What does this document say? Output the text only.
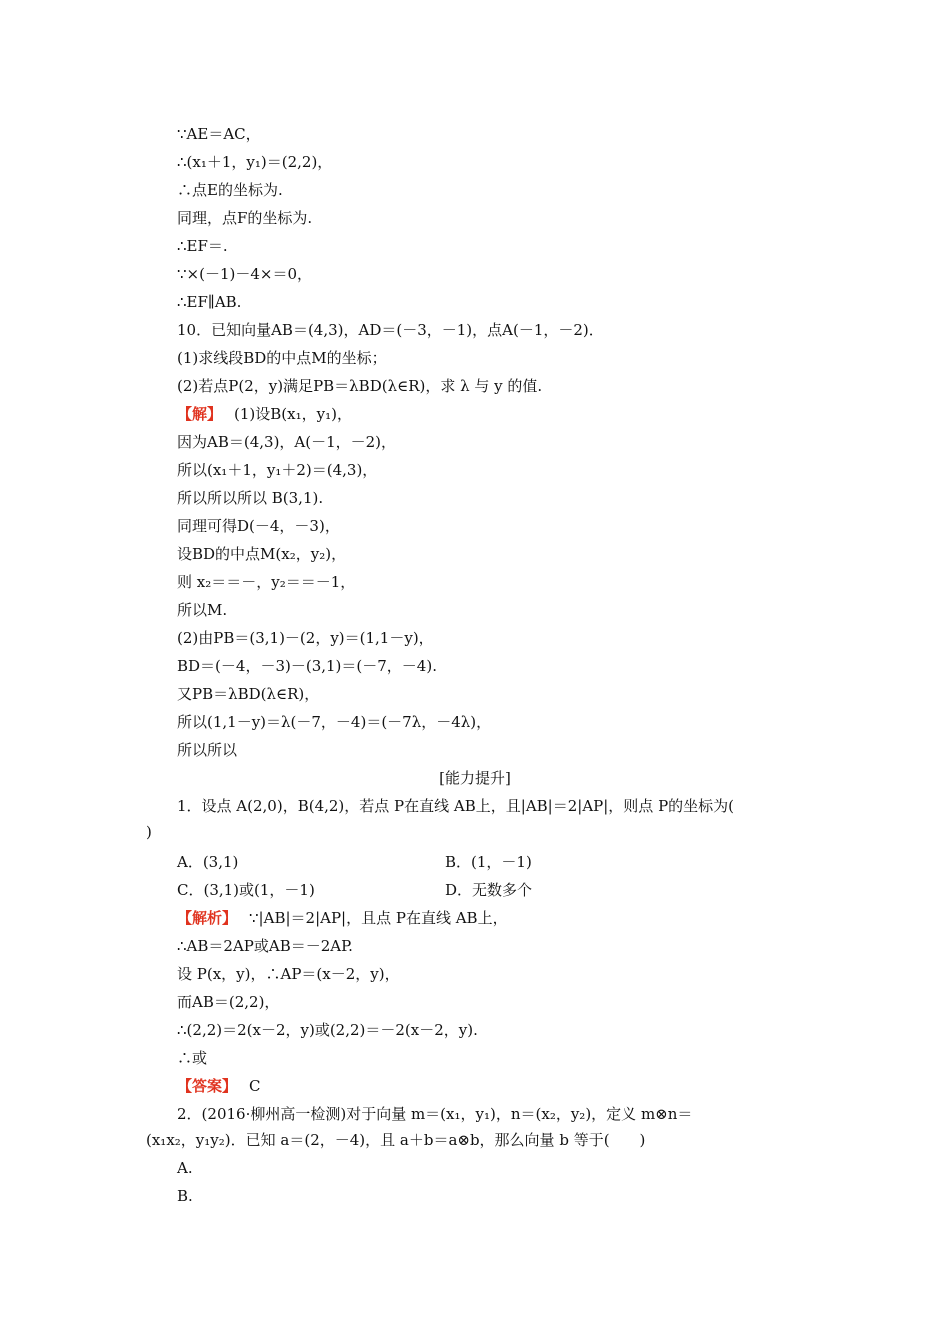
∵AE＝AC，
∴(x₁＋1，y₁)＝(2,2)，
∴点E的坐标为.
同理，点F的坐标为.
∴EF＝.
∵×(－1)－4×＝0，
∴EF∥AB.
10．已知向量AB＝(4,3)，AD＝(－3，－1)，点A(－1，－2)．
(1)求线段BD的中点M的坐标；
(2)若点P(2，y)满足PB＝λBD(λ∈R)，求 λ 与 y 的值.
【解】 (1)设B(x₁，y₁)，
因为AB＝(4,3)，A(－1，－2)，
所以(x₁＋1，y₁＋2)＝(4,3)，
所以所以所以 B(3,1).
同理可得D(－4，－3)，
设BD的中点M(x₂，y₂)，
则 x₂＝＝－，y₂＝＝－1，
所以M.
(2)由PB＝(3,1)－(2，y)＝(1,1－y)，
BD＝(－4，－3)－(3,1)＝(－7，－4).
又PB＝λBD(λ∈R)，
所以(1,1－y)＝λ(－7，－4)＝(－7λ，－4λ)，
所以所以
[能力提升]
1．设点 A(2,0)，B(4,2)，若点 P在直线 AB上，且|AB|＝2|AP|，则点 P的坐标为(
)
A．(3,1)	B．(1，－1)
C．(3,1)或(1，－1)	D．无数多个
【解析】 ∵|AB|＝2|AP|，且点 P在直线 AB上，
∴AB＝2AP或AB＝－2AP.
设 P(x，y)，∴AP＝(x－2，y)，
而AB＝(2,2)，
∴(2,2)＝2(x－2，y)或(2,2)＝－2(x－2，y).
∴或
【答案】 C
2．(2016·柳州高一检测)对于向量 m＝(x₁，y₁)，n＝(x₂，y₂)，定义 m⊗n＝
(x₁x₂，y₁y₂)．已知 a＝(2，－4)，且 a＋b＝a⊗b，那么向量 b 等于(　　)
A.
B.
